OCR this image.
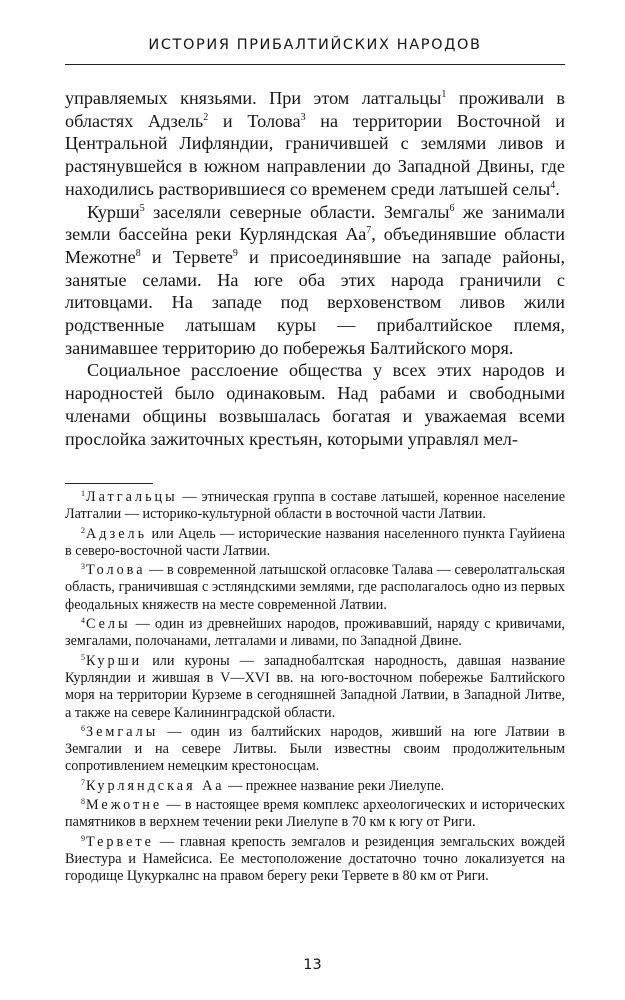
ИСТОРИЯ ПРИБАЛТИЙСКИХ НАРОДОВ

управляемых князьями. При этом латгальцы$^1$ проживали в областях Адзель$^2$ и Толова$^3$ на территории Восточной и Центральной Лифляндии, граничившей с землями ливов и растянувшейся в южном направлении до Западной Двины, где находились растворившиеся со временем среди латышей селы$^4$.

Курши$^5$ заселяли северные области. Земгалы$^6$ же занимали земли бассейна реки Курляндская $Аа^7$, объединявшие области Межотне$^8$ и Тервете$^9$ и присоединявшие на западе районы, занятые селами. На юге оба этих народа граничили с литовцами. На западе под верховенством ливов жили родственные латышам куры — прибалтийское племя, занимавшее территорию до побережья Балтийского моря.

Социальное расслоение общества у всех этих народов и народностей было одинаковым. Над рабами и свободными членами общины возвышалась богатая и уважаемая всеми прослойка зажиточных крестьян, которыми управлял мел-

$^1$Латгальцы — этническая группа в составе латышей, коренное население Латгалии — историко-культурной области в восточной части Латвии.

$^2$Адзель или Ацель — исторические названия населенного пункта Гауйиена в северо-восточной части Латвии.

$^3$Толова — в современной латышской огласовке Талава — северолатгальская область, граничившая с эстляндскими землями, где располагалось одно из первых феодальных княжеств на месте современной Латвии.

$^4$Селы — один из древнейших народов, проживавший, наряду с кривичами, земгалами, полочанами, летгалами и ливами, по Западной Двине.

$^5$Курши или куроны — западнобалтская народность, давшая название Курляндии и жившая в V—XVI вв. на юго-восточном побережье Балтийского моря на территории Курземе в сегодняшней Западной Латвии, в Западной Литве, а также на севере Калининградской области.

$^6$Земгалы — один из балтийских народов, живший на юге Латвии в Земгалии и на севере Литвы. Были известны своим продолжительным сопротивлением немецким крестоносцам.

$^7$Курляндская Аа — прежнее название реки Лиелупе.

$^8$Межотне — в настоящее время комплекс археологических и исторических памятников в верхнем течении реки Лиелупе в 70 км к югу от Риги.

$^9$Тервете — главная крепость земгалов и резиденция земгальских вождей Виестура и Намейсиса. Ее местоположение достаточно точно локализуется на городище Цукуркалнс на правом берегу реки Тервете в 80 км от Риги.

13
